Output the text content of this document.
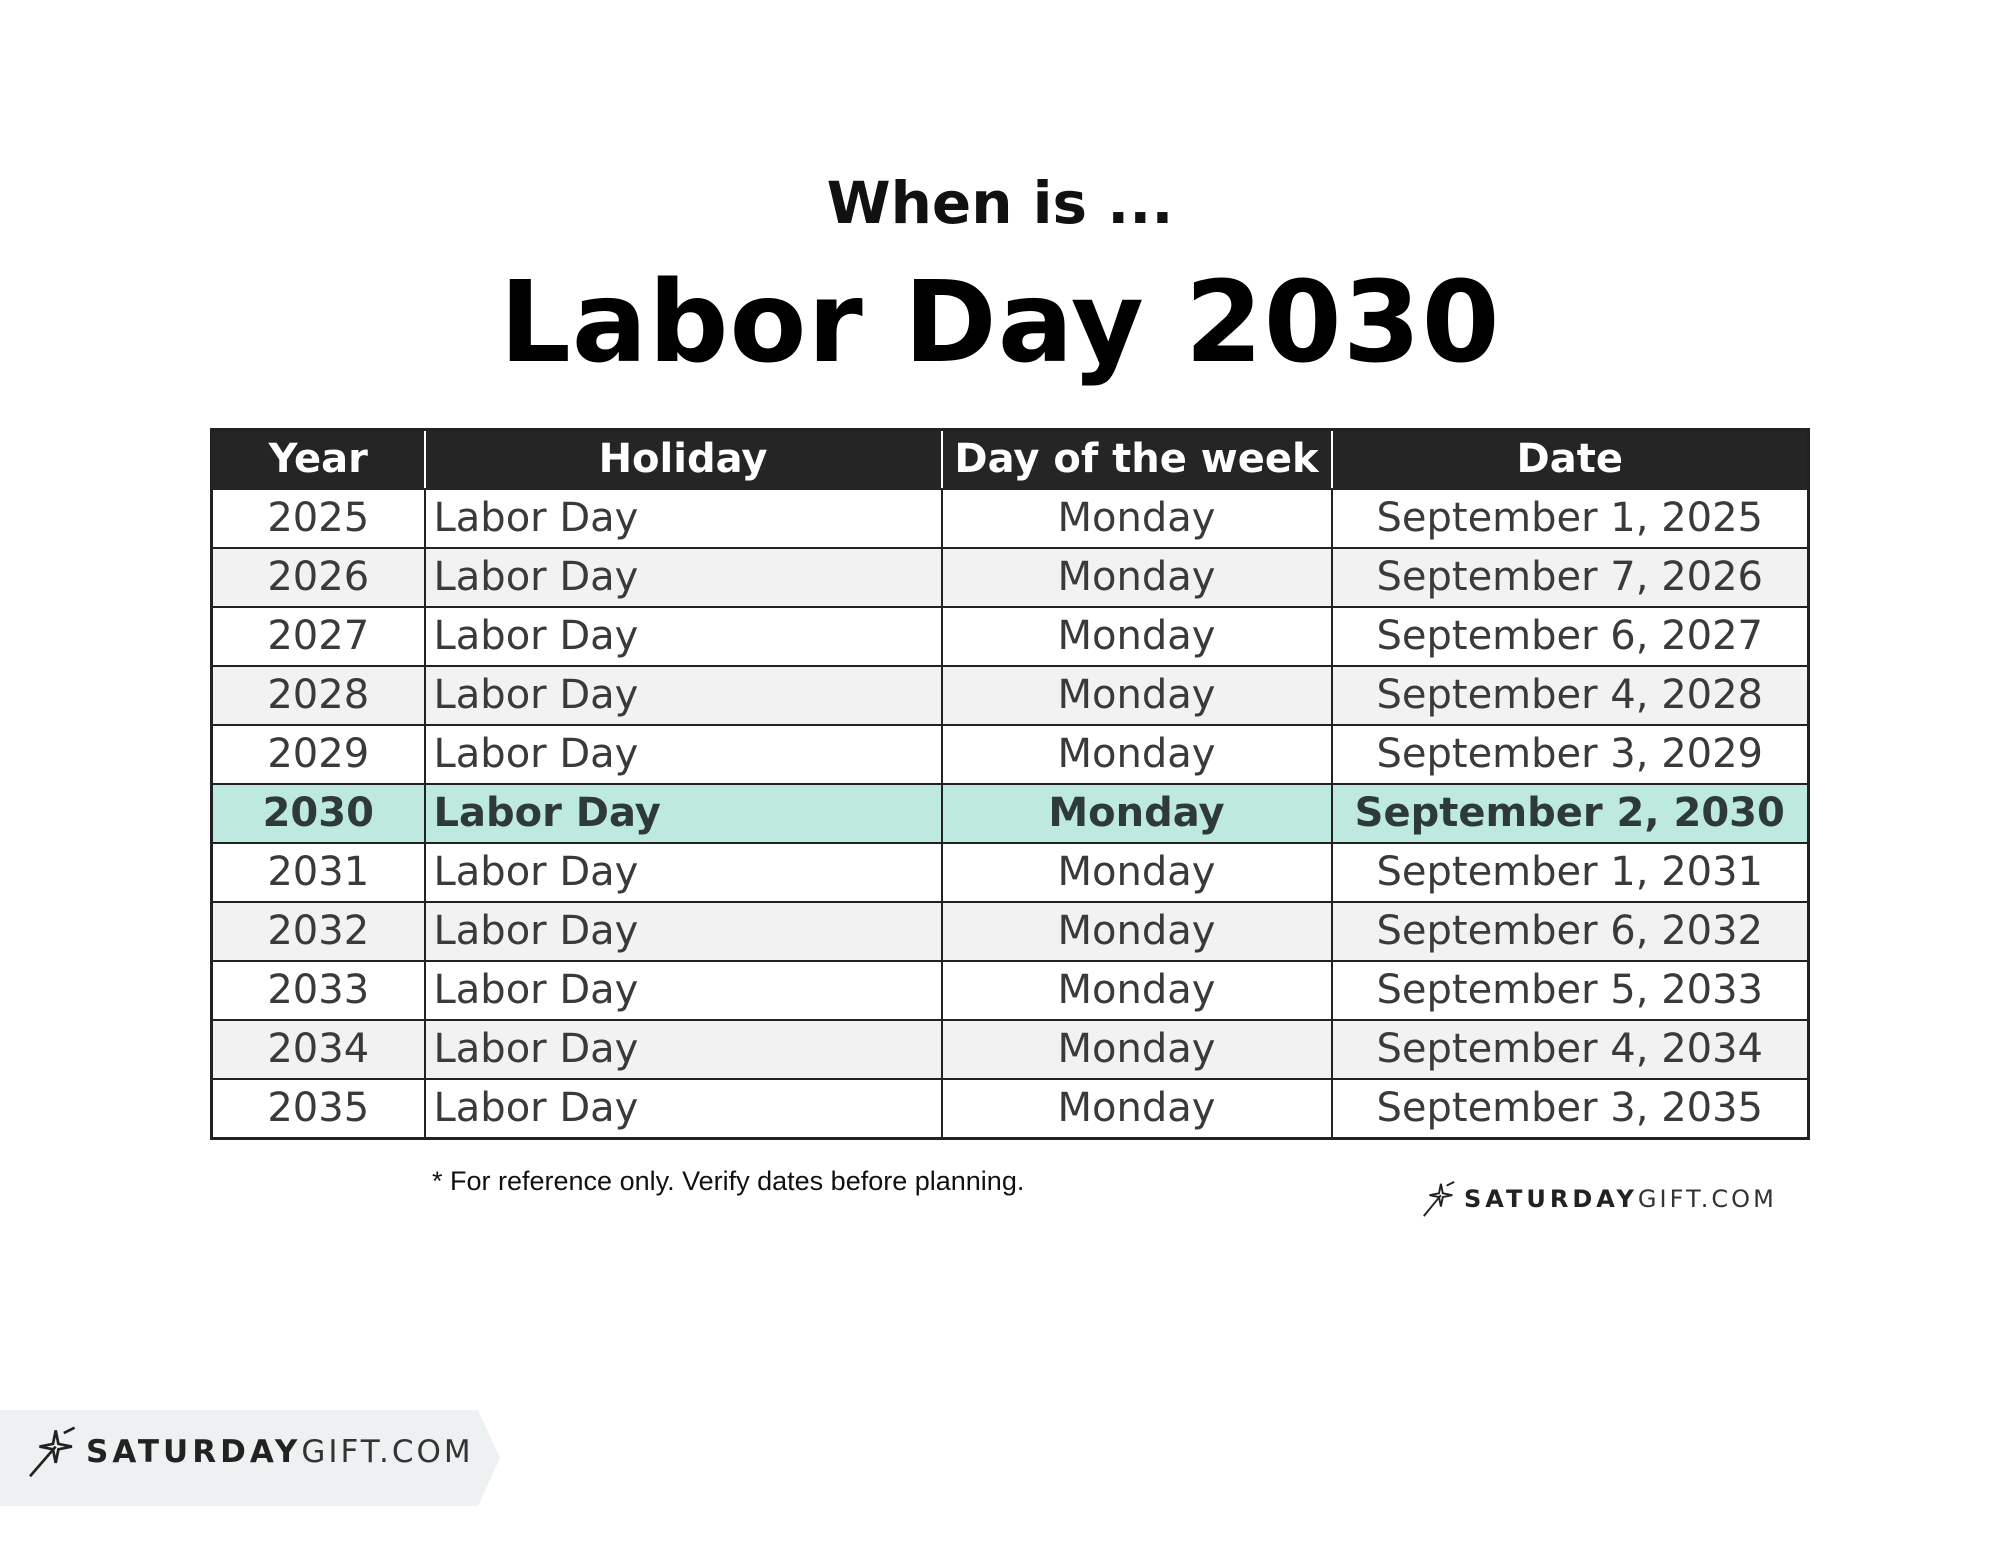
When is ...
Labor Day 2030
Year	Holiday	Day of the week	Date
2025	Labor Day	Monday	September 1, 2025
2026	Labor Day	Monday	September 7, 2026
2027	Labor Day	Monday	September 6, 2027
2028	Labor Day	Monday	September 4, 2028
2029	Labor Day	Monday	September 3, 2029
2030	Labor Day	Monday	September 2, 2030
2031	Labor Day	Monday	September 1, 2031
2032	Labor Day	Monday	September 6, 2032
2033	Labor Day	Monday	September 5, 2033
2034	Labor Day	Monday	September 4, 2034
2035	Labor Day	Monday	September 3, 2035
* For reference only. Verify dates before planning.
SATURDAY GIFT.COM
SATURDAY GIFT.COM
